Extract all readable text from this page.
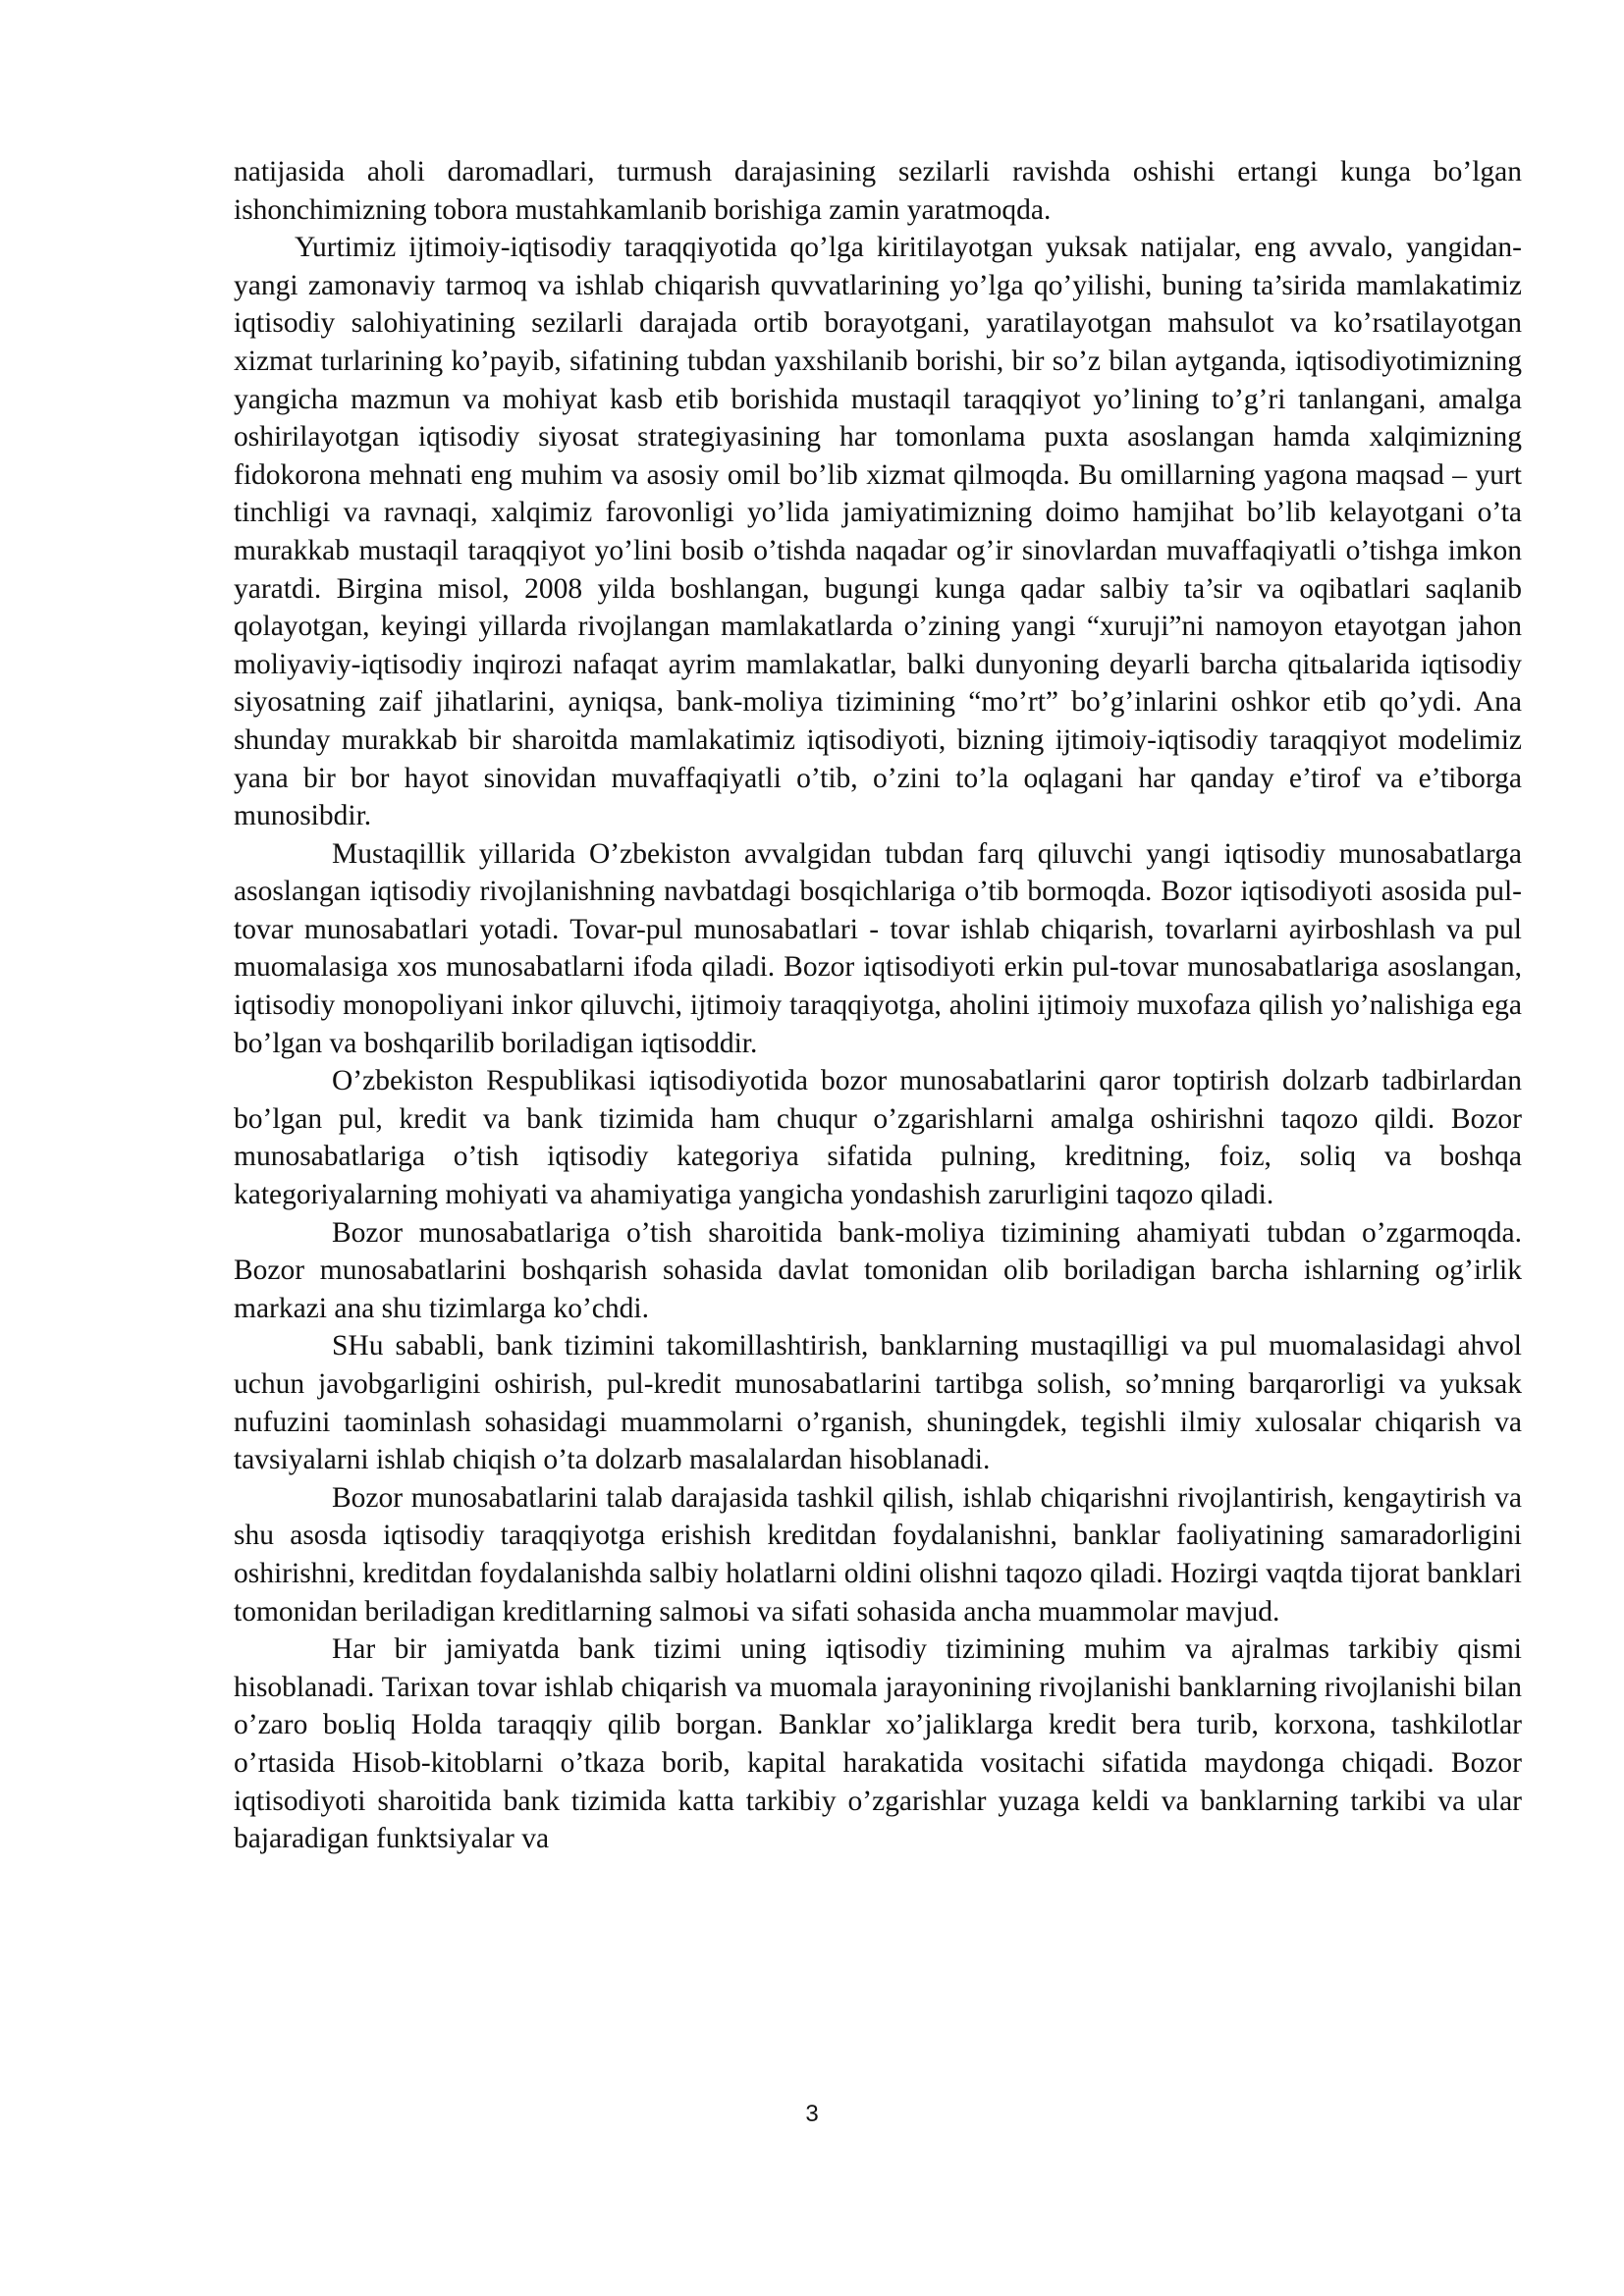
natijasida aholi daromadlari, turmush darajasining sezilarli ravishda oshishi ertangi kunga bo’lgan ishonchimizning tobora mustahkamlanib borishiga zamin yaratmoqda.

Yurtimiz ijtimoiy-iqtisodiy taraqqiyotida qo’lga kiritilayotgan yuksak natijalar, eng avvalo, yangidan-yangi zamonaviy tarmoq va ishlab chiqarish quvvatlarining yo’lga qo’yilishi, buning ta’sirida mamlakatimiz iqtisodiy salohiyatining sezilarli darajada ortib borayotgani, yaratilayotgan mahsulot va ko’rsatilayotgan xizmat turlarining ko’payib, sifatining tubdan yaxshilanib borishi, bir so’z bilan aytganda, iqtisodiyotimizning yangicha mazmun va mohiyat kasb etib borishida mustaqil taraqqiyot yo’lining to’g’ri tanlangani, amalga oshirilayotgan iqtisodiy siyosat strategiyasining har tomonlama puxta asoslangan hamda xalqimizning fidokorona mehnati eng muhim va asosiy omil bo’lib xizmat qilmoqda. Bu omillarning yagona maqsad – yurt tinchligi va ravnaqi, xalqimiz farovonligi yo’lida jamiyatimizning doimo hamjihat bo’lib kelayotgani o’ta murakkab mustaqil taraqqiyot yo’lini bosib o’tishda naqadar og’ir sinovlardan muvaffaqiyatli o’tishga imkon yaratdi. Birgina misol, 2008 yilda boshlangan, bugungi kunga qadar salbiy ta’sir va oqibatlari saqlanib qolayotgan, keyingi yillarda rivojlangan mamlakatlarda o’zining yangi “xuruji”ni namoyon etayotgan jahon moliyaviy-iqtisodiy inqirozi nafaqat ayrim mamlakatlar, balki dunyoning deyarli barcha qitьalarida iqtisodiy siyosatning zaif jihatlarini, ayniqsa, bank-moliya tizimining “mo’rt” bo’g’inlarini oshkor etib qo’ydi. Ana shunday murakkab bir sharoitda mamlakatimiz iqtisodiyoti, bizning ijtimoiy-iqtisodiy taraqqiyot modelimiz yana bir bor hayot sinovidan muvaffaqiyatli o’tib, o’zini to’la oqlagani har qanday e’tirof va e’tiborga munosibdir.

Mustaqillik yillarida O’zbekiston avvalgidan tubdan farq qiluvchi yangi iqtisodiy munosabatlarga asoslangan iqtisodiy rivojlanishning navbatdagi bosqichlariga o’tib bormoqda. Bozor iqtisodiyoti asosida pul-tovar munosabatlari yotadi. Tovar-pul munosabatlari - tovar ishlab chiqarish, tovarlarni ayirboshlash va pul muomalasiga xos munosabatlarni ifoda qiladi. Bozor iqtisodiyoti erkin pul-tovar munosabatlariga asoslangan, iqtisodiy monopoliyani inkor qiluvchi, ijtimoiy taraqqiyotga, aholini ijtimoiy muxofaza qilish yo’nalishiga ega bo’lgan va boshqarilib boriladigan iqtisoddir.

O’zbekiston Respublikasi iqtisodiyotida bozor munosabatlarini qaror toptirish dolzarb tadbirlardan bo’lgan pul, kredit va bank tizimida ham chuqur o’zgarishlarni amalga oshirishni taqozo qildi. Bozor munosabatlariga o’tish iqtisodiy kategoriya sifatida pulning, kreditning, foiz, soliq va boshqa kategoriyalarning mohiyati va ahamiyatiga yangicha yondashish zarurligini taqozo qiladi.

Bozor munosabatlariga o’tish sharoitida bank-moliya tizimining ahamiyati tubdan o’zgarmoqda. Bozor munosabatlarini boshqarish sohasida davlat tomonidan olib boriladigan barcha ishlarning og’irlik markazi ana shu tizimlarga ko’chdi.

SHu sababli, bank tizimini takomillashtirish, banklarning mustaqilligi va pul muomalasidagi ahvol uchun javobgarligini oshirish, pul-kredit munosabatlarini tartibga solish, so’mning barqarorligi va yuksak nufuzini taominlash sohasidagi muammolarni o’rganish, shuningdek, tegishli ilmiy xulosalar chiqarish va tavsiyalarni ishlab chiqish o’ta dolzarb masalalardan hisoblanadi.

Bozor munosabatlarini talab darajasida tashkil qilish, ishlab chiqarishni rivojlantirish, kengaytirish va shu asosda iqtisodiy taraqqiyotga erishish kreditdan foydalanishni, banklar faoliyatining samaradorligini oshirishni, kreditdan foydalanishda salbiy holatlarni oldini olishni taqozo qiladi. Hozirgi vaqtda tijorat banklari tomonidan beriladigan kreditlarning salmoьi va sifati sohasida ancha muammolar mavjud.

Har bir jamiyatda bank tizimi uning iqtisodiy tizimining muhim va ajralmas tarkibiy qismi hisoblanadi. Tarixan tovar ishlab chiqarish va muomala jarayonining rivojlanishi banklarning rivojlanishi bilan o’zaro boьliq Holda taraqqiy qilib borgan. Banklar xo’jaliklarga kredit bera turib, korxona, tashkilotlar o’rtasida Hisob-kitoblarni o’tkaza borib, kapital harakatida vositachi sifatida maydonga chiqadi. Bozor iqtisodiyoti sharoitida bank tizimida katta tarkibiy o’zgarishlar yuzaga keldi va banklarning tarkibi va ular bajaradigan funktsiyalar va

3
